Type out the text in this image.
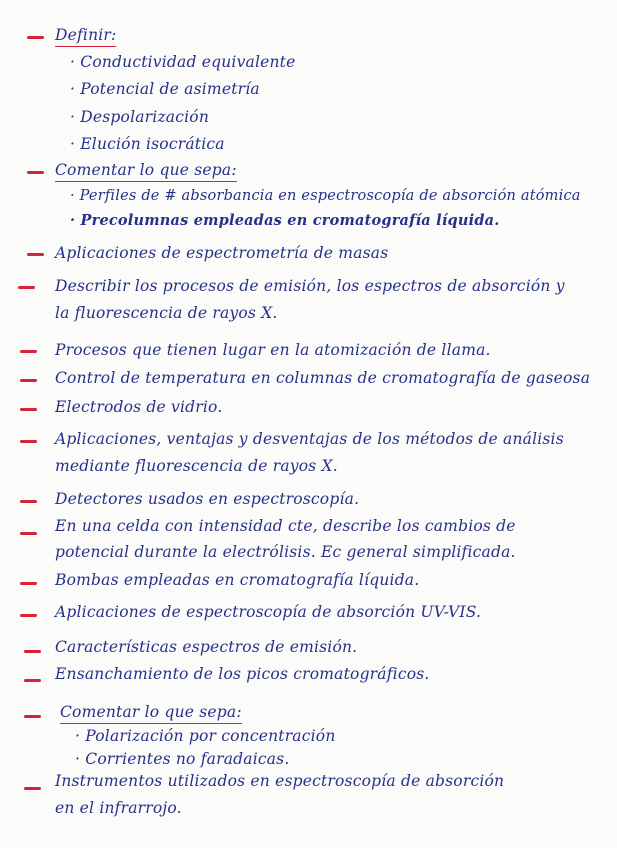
Definir:
· Conductividad equivalente
· Potencial de asimetría
· Despolarización
· Elución isocrática
Comentar lo que sepa:
· Perfiles de # absorbancia en espectroscopía de absorción atómica
· Precolumnas empleadas en cromatografía líquida.
Aplicaciones de espectrometría de masas
Describir los procesos de emisión, los espectros de absorción y
la fluorescencia de rayos X.
Procesos que tienen lugar en la atomización de llama.
Control de temperatura en columnas de cromatografía de gaseosa
Electrodos de vidrio.
Aplicaciones, ventajas y desventajas de los métodos de análisis
mediante fluorescencia de rayos X.
Detectores usados en espectroscopía.
En una celda con intensidad cte, describe los cambios de
potencial durante la electrólisis. Ec general simplificada.
Bombas empleadas en cromatografía líquida.
Aplicaciones de espectroscopía de absorción UV-VIS.
Características espectros de emisión.
Ensanchamiento de los picos cromatográficos.
Comentar lo que sepa:
· Polarización por concentración
· Corrientes no faradaicas.
Instrumentos utilizados en espectroscopía de absorción
en el infrarrojo.
